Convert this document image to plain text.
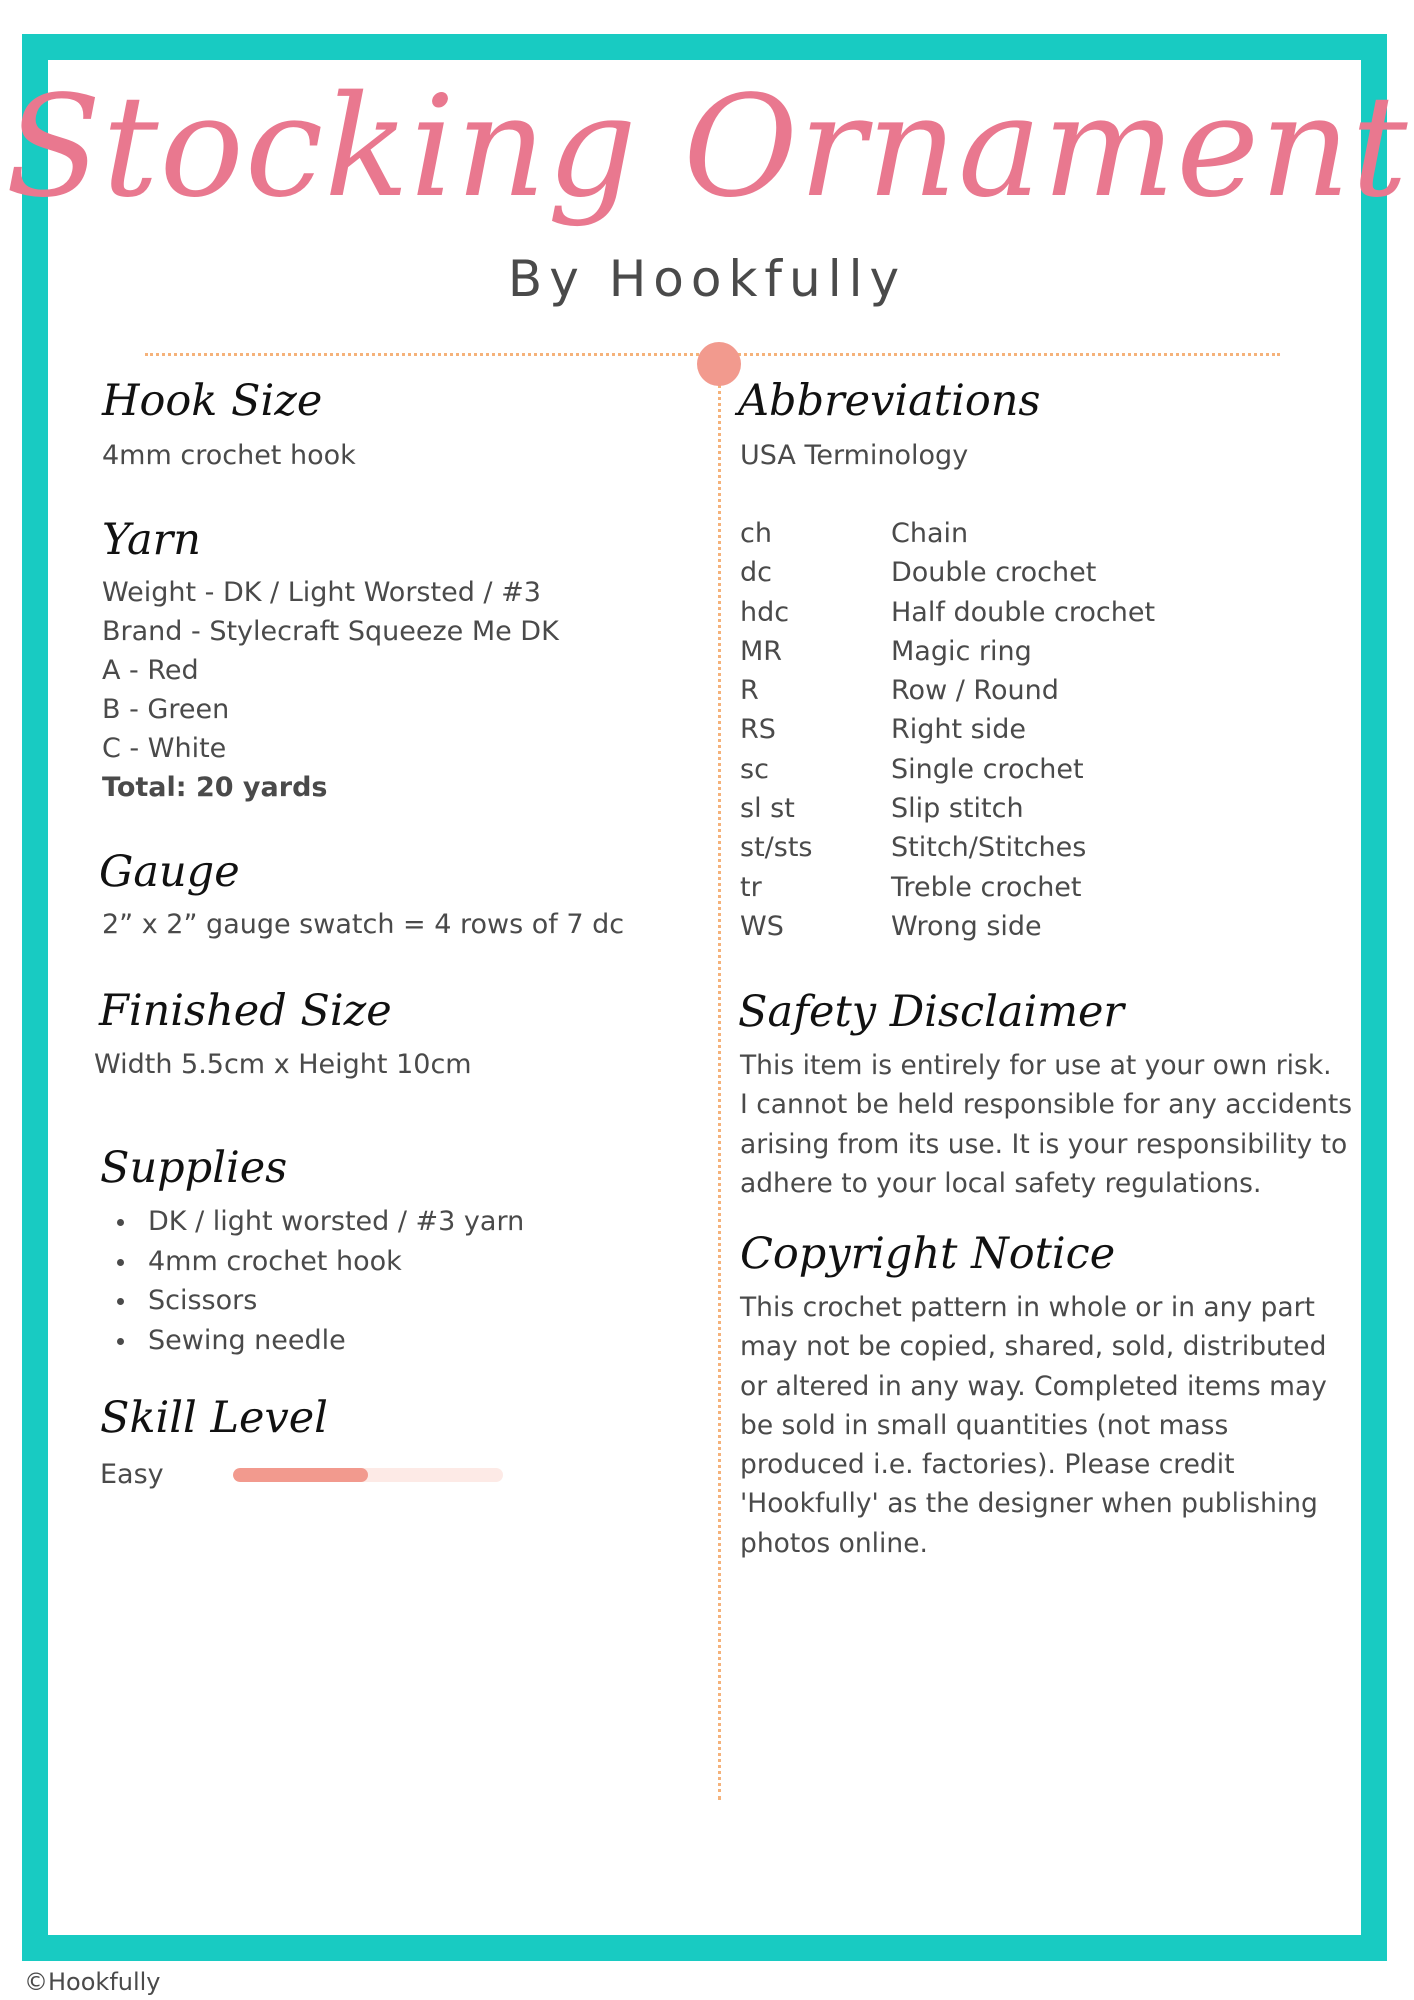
Stocking Ornament
By Hookfully
Hook Size
4mm crochet hook
Yarn
Weight - DK / Light Worsted / #3
Brand - Stylecraft Squeeze Me DK
A - Red
B - Green
C - White
Total: 20 yards
Gauge
2” x 2” gauge swatch = 4 rows of 7 dc
Finished Size
Width 5.5cm x Height 10cm
Supplies
DK / light worsted / #3 yarn
4mm crochet hook
Scissors
Sewing needle
Skill Level
Easy
Abbreviations
USA Terminology
ch	Chain
dc	Double crochet
hdc	Half double crochet
MR	Magic ring
R	Row / Round
RS	Right side
sc	Single crochet
sl st	Slip stitch
st/sts	Stitch/Stitches
tr	Treble crochet
WS	Wrong side
Safety Disclaimer
This item is entirely for use at your own risk.
I cannot be held responsible for any accidents
arising from its use. It is your responsibility to
adhere to your local safety regulations.
Copyright Notice
This crochet pattern in whole or in any part
may not be copied, shared, sold, distributed
or altered in any way. Completed items may
be sold in small quantities (not mass
produced i.e. factories). Please credit
'Hookfully' as the designer when publishing
photos online.
©Hookfully
